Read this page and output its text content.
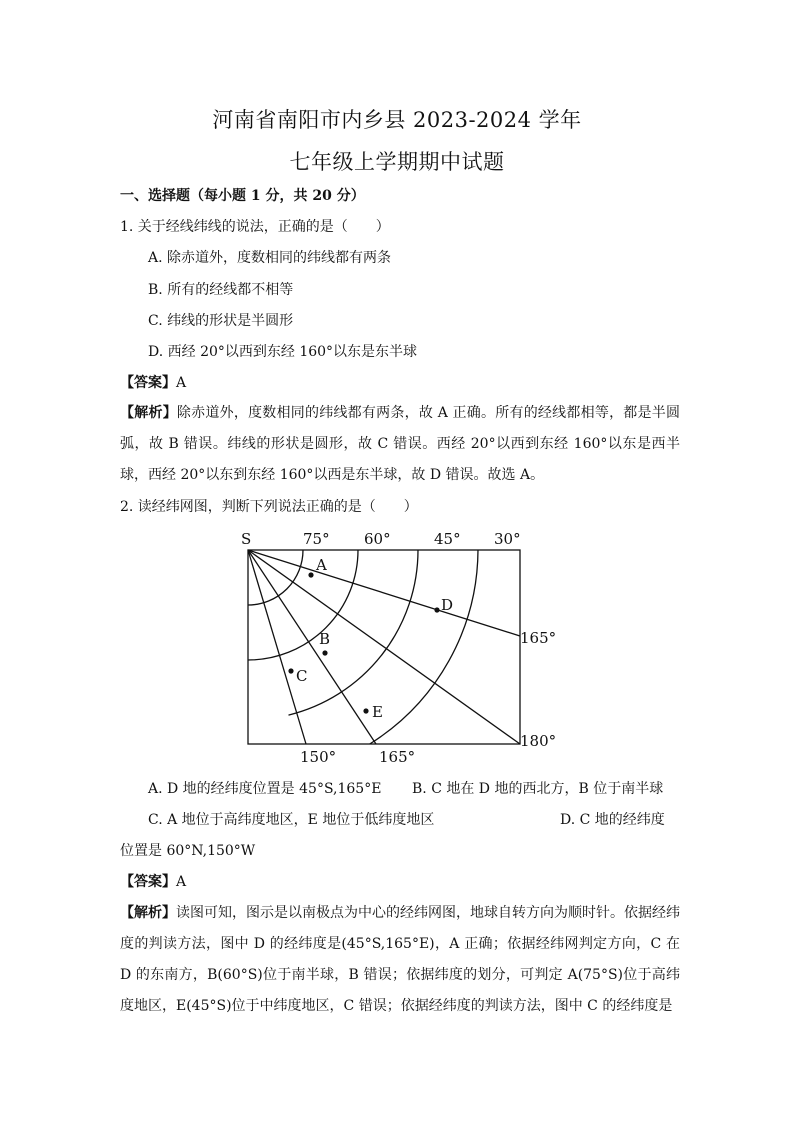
河南省南阳市内乡县 2023-2024 学年
七年级上学期期中试题
一、选择题（每小题 1 分，共 20 分）
1. 关于经线纬线的说法，正确的是（　　）
A. 除赤道外，度数相同的纬线都有两条
B. 所有的经线都不相等
C. 纬线的形状是半圆形
D. 西经 20°以西到东经 160°以东是东半球
【答案】A
【解析】除赤道外，度数相同的纬线都有两条，故 A 正确。所有的经线都相等，都是半圆弧，故 B 错误。纬线的形状是圆形，故 C 错误。西经 20°以西到东经 160°以东是西半球，西经 20°以东到东经 160°以西是东半球，故 D 错误。故选 A。
2. 读经纬网图，判断下列说法正确的是（　　）
S	75° 60°	45° 30°
165°
180°
150°	165°
A
B
C
D
E
A. D 地的经纬度位置是 45°S,165°E B. C 地在 D 地的西北方，B 位于南半球
C. A 地位于高纬度地区，E 地位于低纬度地区	D. C 地的经纬度
位置是 60°N,150°W
【答案】A
【解析】读图可知，图示是以南极点为中心的经纬网图，地球自转方向为顺时针。依据经纬度的判读方法，图中 D 的经纬度是(45°S,165°E)，A 正确；依据经纬网判定方向，C 在 D 的东南方，B(60°S)位于南半球，B 错误；依据纬度的划分，可判定 A(75°S)位于高纬度地区，E(45°S)位于中纬度地区，C 错误；依据经纬度的判读方法，图中 C 的经纬度是
